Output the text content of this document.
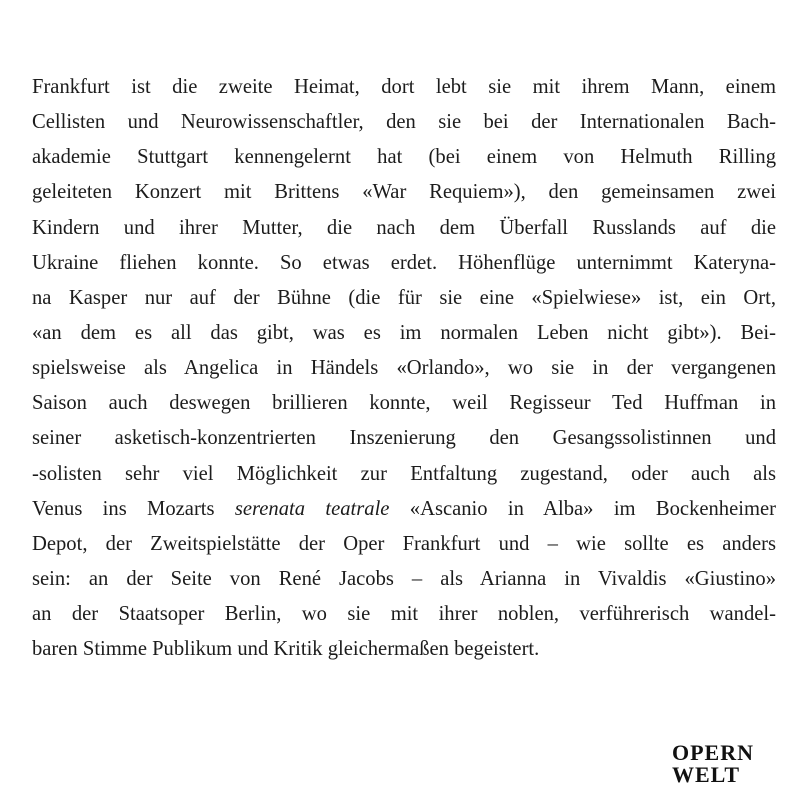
Frankfurt ist die zweite Heimat, dort lebt sie mit ihrem Mann, einem
Cellisten und Neurowissenschaftler, den sie bei der Internationalen Bach-
akademie Stuttgart kennengelernt hat (bei einem von Helmuth Rilling
geleiteten Konzert mit Brittens «War Requiem»), den gemeinsamen zwei
Kindern und ihrer Mutter, die nach dem Überfall Russlands auf die
Ukraine fliehen konnte. So etwas erdet. Höhenflüge unternimmt Kateryna-
na Kasper nur auf der Bühne (die für sie eine «Spielwiese» ist, ein Ort,
«an dem es all das gibt, was es im normalen Leben nicht gibt»). Bei-
spielsweise als Angelica in Händels «Orlando», wo sie in der vergangenen
Saison auch deswegen brillieren konnte, weil Regisseur Ted Huffman in
seiner asketisch-konzentrierten Inszenierung den Gesangssolistinnen und
-solisten sehr viel Möglichkeit zur Entfaltung zugestand, oder auch als
Venus ins Mozarts serenata teatrale «Ascanio in Alba» im Bockenheimer
Depot, der Zweitspielstätte der Oper Frankfurt und – wie sollte es anders
sein: an der Seite von René Jacobs – als Arianna in Vivaldis «Giustino»
an der Staatsoper Berlin, wo sie mit ihrer noblen, verführerisch wandel-
baren Stimme Publikum und Kritik gleichermaßen begeistert.
OPERN
WELT
